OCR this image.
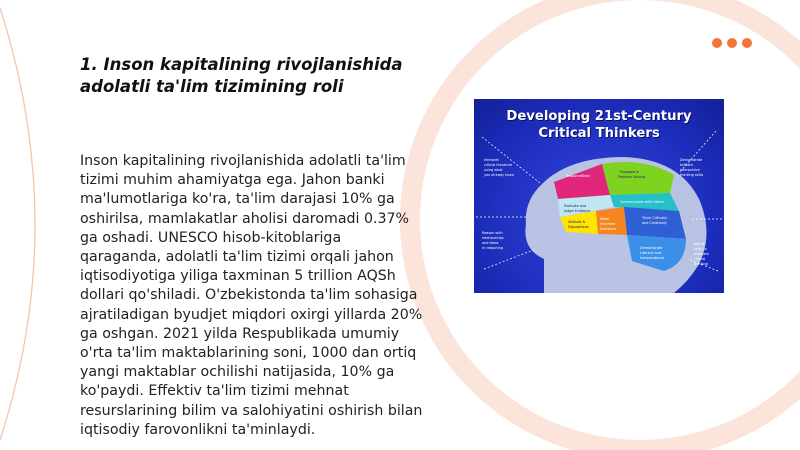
1. Inson kapitalining rivojlanishida adolatli ta'lim tizimining roli

Inson kapitalining rivojlanishida adolatli ta'lim tizimi muhim ahamiyatga ega. Jahon banki ma'lumotlariga ko'ra, ta'lim darajasi 10% ga oshirilsa, mamlakatlar aholisi daromadi 0.37% ga oshadi. UNESCO hisob-kitoblariga qaraganda, adolatli ta'lim tizimi orqali jahon iqtisodiyotiga yiliga taxminan 5 trillion AQSh dollari qo'shiladi. O'zbekistonda ta'lim sohasiga ajratiladigan byudjet miqdori oxirgi yillarda 20% ga oshgan. 2021 yilda Respublikada umumiy o'rta ta'lim maktablarining soni, 1000 dan ortiq yangi maktablar ochilishi natijasida, 10% ga ko'paydi. Effektiv ta'lim tizimi mehnat resurslarining bilim va salohiyatini oshirish bilan iqtisodiy farovonlikni ta'minlaydi.

Interpret
critical literature
using what
you already know
Demonstrate
brilliant
interpretive
thinking skills
Reason with
relationships
and ideas
in reasoning
Adjust
skills to
evaluate
critical
thinking
ResourceBrain
Engaged in
Problem Solving
Evaluate and
Judge Evidence
Communicate with Others
Attitude &
Dispositions
Make
Informed
Decisions
Think Critically
and Creatively
Demonstrate
Literacy and
Independence
Developing 21st-Century
Critical Thinkers
